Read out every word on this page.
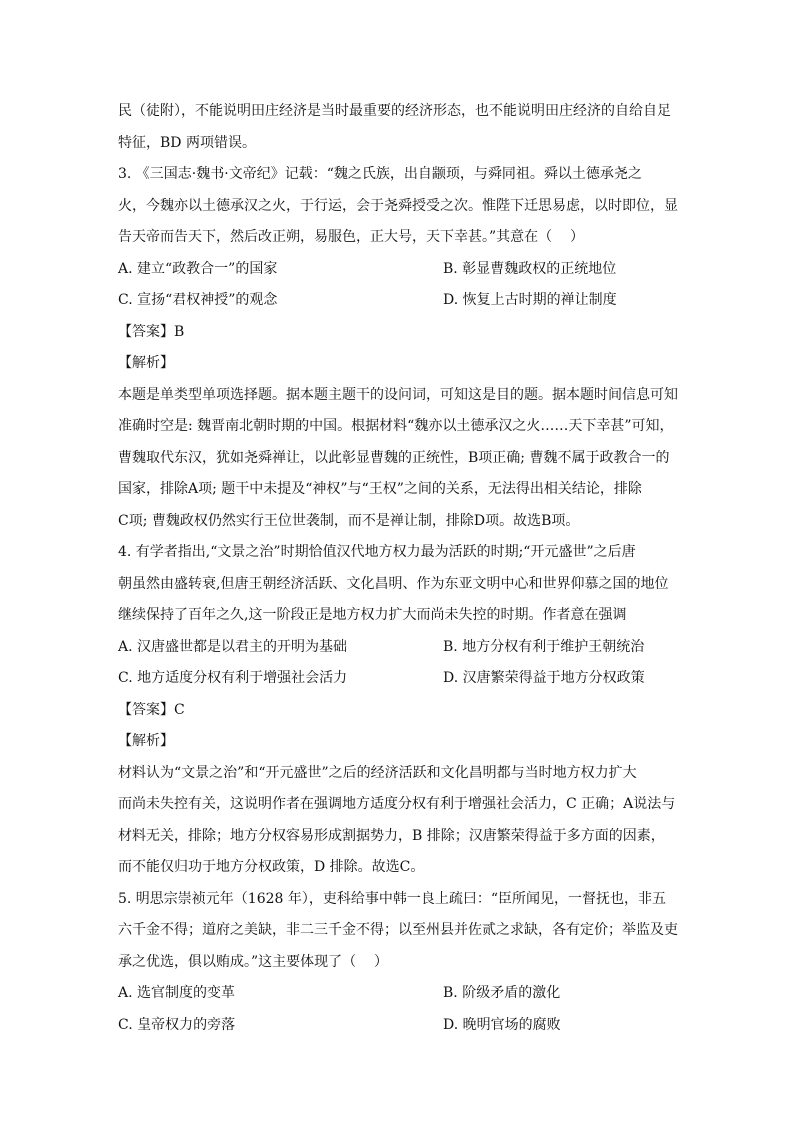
民（徒附），不能说明田庄经济是当时最重要的经济形态，也不能说明田庄经济的自给自足

特征，BD 两项错误。

3. 《三国志·魏书·文帝纪》记载：“魏之氏族，出自颛顼，与舜同祖。舜以土德承尧之

火，今魏亦以土德承汉之火，于行运，会于尧舜授受之次。惟陛下迁思易虑，以时即位，显

告天帝而告天下，然后改正朔，易服色，正大号，天下幸甚。”其意在（    ）

A. 建立“政教合一”的国家	B. 彰显曹魏政权的正统地位
C. 宣扬“君权神授”的观念	D. 恢复上古时期的禅让制度

【答案】B

【解析】

本题是单类型单项选择题。据本题主题干的设问词，可知这是目的题。据本题时间信息可知

准确时空是: 魏晋南北朝时期的中国。根据材料“魏亦以土德承汉之火……天下幸甚”可知，

曹魏取代东汉，犹如尧舜禅让，以此彰显曹魏的正统性，B项正确; 曹魏不属于政教合一的

国家，排除A项; 题干中未提及“神权”与“王权”之间的关系，无法得出相关结论，排除

C项; 曹魏政权仍然实行王位世袭制，而不是禅让制，排除D项。故选B项。

4. 有学者指出,“文景之治”时期恰值汉代地方权力最为活跃的时期;“开元盛世”之后唐

朝虽然由盛转衰,但唐王朝经济活跃、文化昌明、作为东亚文明中心和世界仰慕之国的地位

继续保持了百年之久,这一阶段正是地方权力扩大而尚未失控的时期。作者意在强调

A. 汉唐盛世都是以君主的开明为基础	B. 地方分权有利于维护王朝统治
C. 地方适度分权有利于增强社会活力	D. 汉唐繁荣得益于地方分权政策

【答案】C

【解析】

材料认为“文景之治”和“开元盛世”之后的经济活跃和文化昌明都与当时地方权力扩大

而尚未失控有关，这说明作者在强调地方适度分权有利于增强社会活力，C 正确；A说法与

材料无关，排除；地方分权容易形成割据势力，B 排除；汉唐繁荣得益于多方面的因素，

而不能仅归功于地方分权政策，D 排除。故选C。

5. 明思宗崇祯元年（1628 年），吏科给事中韩一良上疏曰：“臣所闻见，一督抚也，非五

六千金不得；道府之美缺，非二三千金不得；以至州县并佐贰之求缺，各有定价；举监及吏

承之优选，俱以贿成。”这主要体现了（    ）

A. 选官制度的变革	B. 阶级矛盾的激化
C. 皇帝权力的旁落	D. 晚明官场的腐败
